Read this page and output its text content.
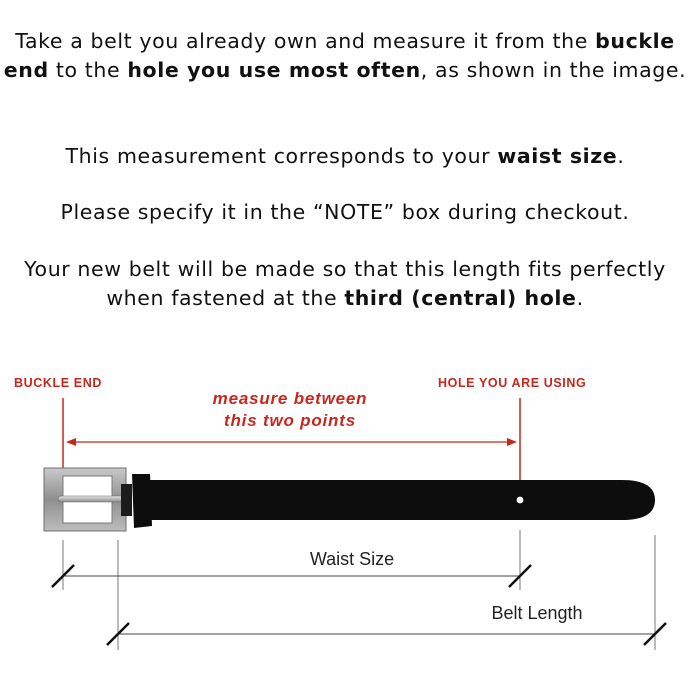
Take a belt you already own and measure it from the buckle end to the hole you use most often, as shown in the image.

This measurement corresponds to your waist size.

Please specify it in the “NOTE” box during checkout.

Your new belt will be made so that this length fits perfectly when fastened at the third (central) hole.

BUCKLE END	HOLE YOU ARE USING
measure between
this two points
Waist Size
Belt Length
